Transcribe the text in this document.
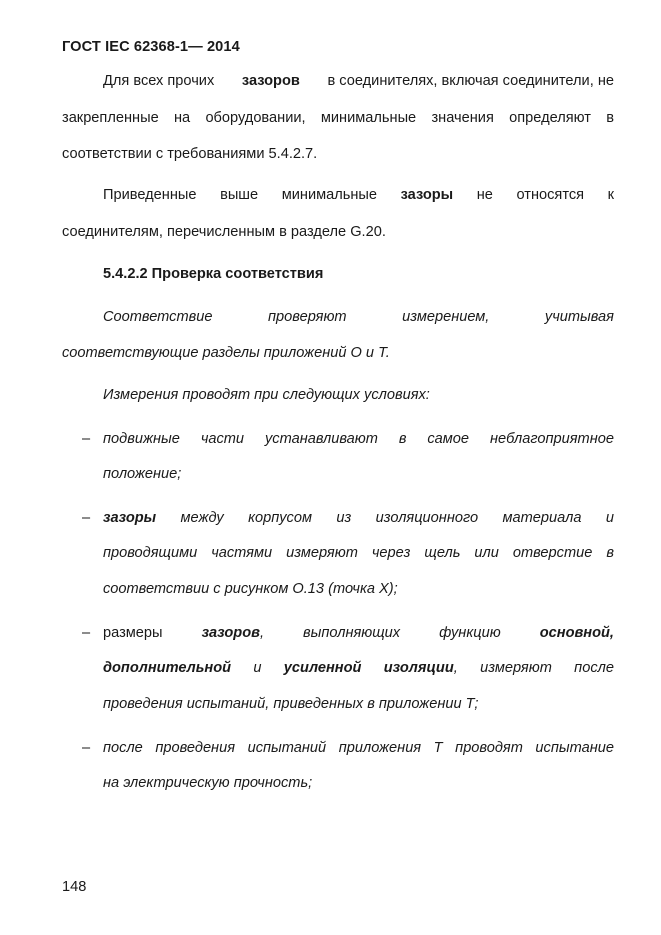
ГОСТ IEC 62368-1— 2014
Для всех прочих зазоров в соединителях, включая соединители, не
закрепленные на оборудовании, минимальные значения определяют в
соответствии с требованиями 5.4.2.7.
Приведенные выше минимальные зазоры не относятся к
соединителям, перечисленным в разделе G.20.
5.4.2.2 Проверка соответствия
Соответствие	проверяют	измерением,	учитывая
соответствующие разделы приложений О и Т.
Измерения проводят при следующих условиях:
– подвижные части устанавливают в самое неблагоприятное
положение;
– зазоры между корпусом из изоляционного материала и
проводящими частями измеряют через щель или отверстие в
соответствии с рисунком О.13 (точка Х);
– размеры	зазоров,	выполняющих	функцию	основной,
дополнительной и усиленной изоляции, измеряют после
проведения испытаний, приведенных в приложении Т;
– после проведения испытаний приложения Т проводят испытание
на электрическую прочность;
148
